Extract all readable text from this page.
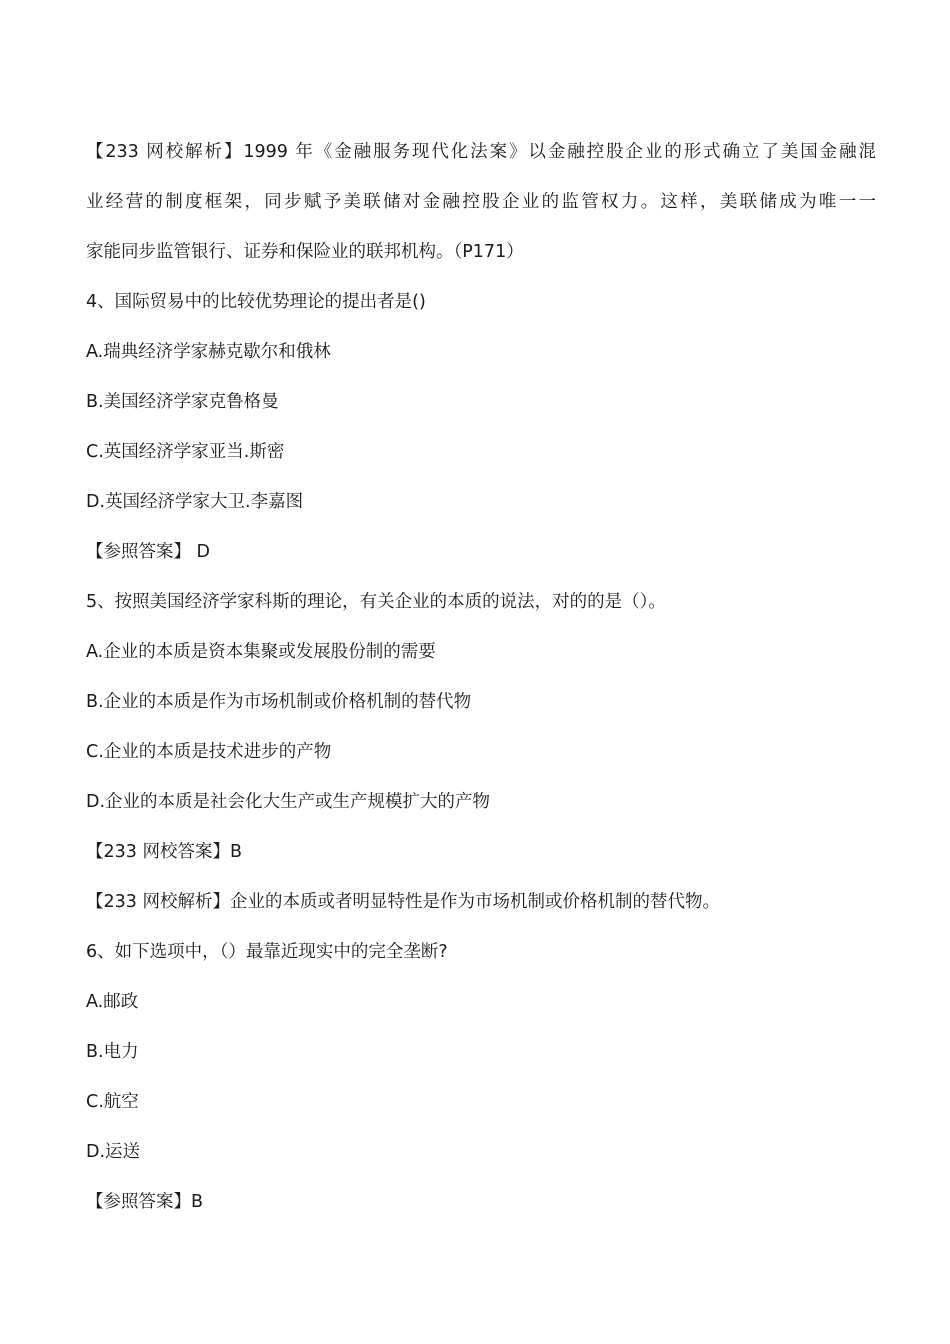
【233 网校解析】1999 年《金融服务现代化法案》以金融控股企业的形式确立了美国金融混
业经营的制度框架，同步赋予美联储对金融控股企业的监管权力。这样，美联储成为唯一一
家能同步监管银行、证券和保险业的联邦机构。（P171）
4、国际贸易中的比较优势理论的提出者是()
A.瑞典经济学家赫克歇尔和俄林
B.美国经济学家克鲁格曼
C.英国经济学家亚当.斯密
D.英国经济学家大卫.李嘉图
【参照答案】 D
5、按照美国经济学家科斯的理论，有关企业的本质的说法，对的的是（）。
A.企业的本质是资本集聚或发展股份制的需要
B.企业的本质是作为市场机制或价格机制的替代物
C.企业的本质是技术进步的产物
D.企业的本质是社会化大生产或生产规模扩大的产物
【233 网校答案】B
【233 网校解析】企业的本质或者明显特性是作为市场机制或价格机制的替代物。
6、如下选项中，（）最靠近现实中的完全垄断?
A.邮政
B.电力
C.航空
D.运送
【参照答案】B
